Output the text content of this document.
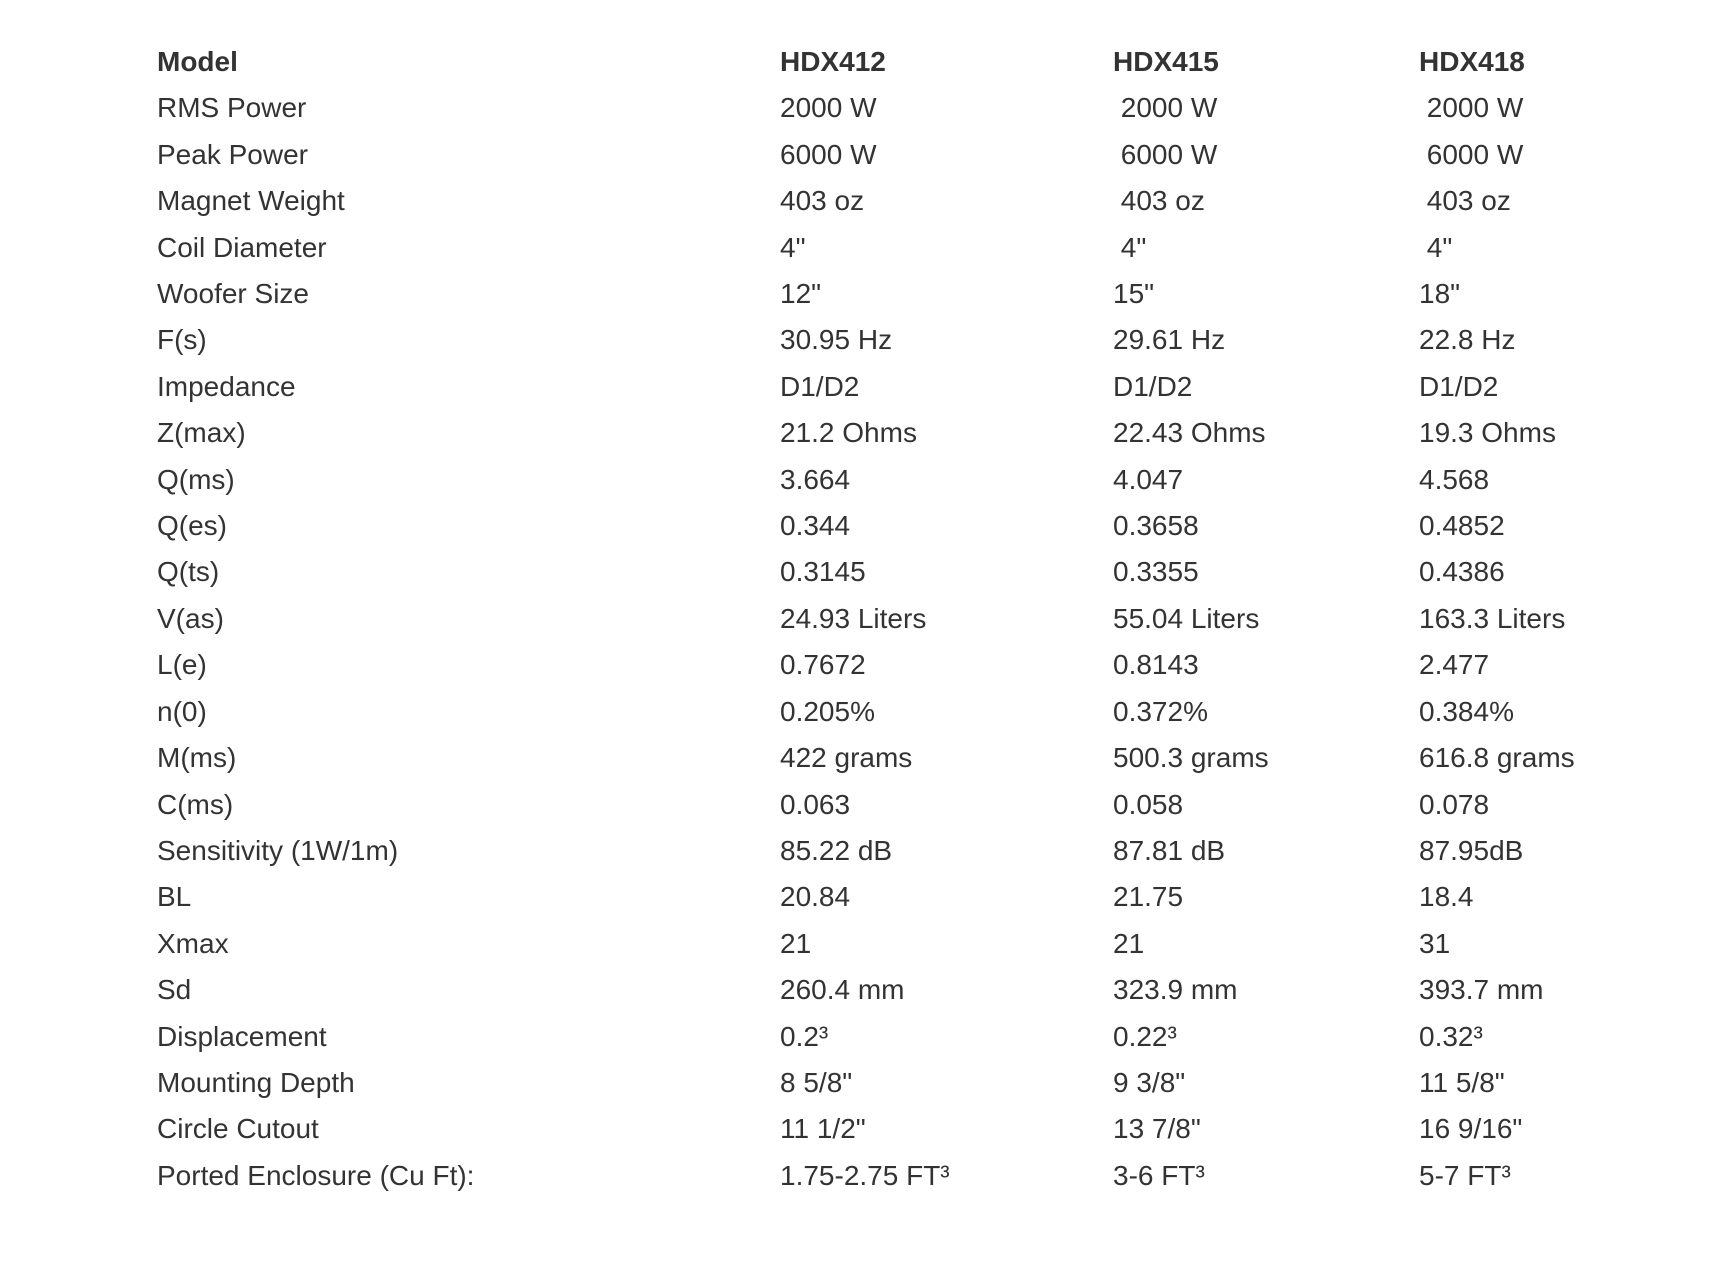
Model	HDX412	HDX415	HDX418
RMS Power	2000 W	2000 W	2000 W
Peak Power	6000 W	6000 W	6000 W
Magnet Weight	403 oz	403 oz	403 oz
Coil Diameter	4"	4"	4"
Woofer Size	12"	15"	18"
F(s)	30.95 Hz	29.61 Hz	22.8 Hz
Impedance	D1/D2	D1/D2	D1/D2
Z(max)	21.2 Ohms	22.43 Ohms	19.3 Ohms
Q(ms)	3.664	4.047	4.568
Q(es)	0.344	0.3658	0.4852
Q(ts)	0.3145	0.3355	0.4386
V(as)	24.93 Liters	55.04 Liters	163.3 Liters
L(e)	0.7672	0.8143	2.477
n(0)	0.205%	0.372%	0.384%
M(ms)	422 grams	500.3 grams	616.8 grams
C(ms)	0.063	0.058	0.078
Sensitivity (1W/1m)	85.22 dB	87.81 dB	87.95dB
BL	20.84	21.75	18.4
Xmax	21	21	31
Sd	260.4 mm	323.9 mm	393.7 mm
Displacement	0.2³	0.22³	0.32³
Mounting Depth	8 5/8"	9 3/8"	11 5/8"
Circle Cutout	11 1/2"	13 7/8"	16 9/16"
Ported Enclosure (Cu Ft):	1.75-2.75 FT³	3-6 FT³	5-7 FT³
